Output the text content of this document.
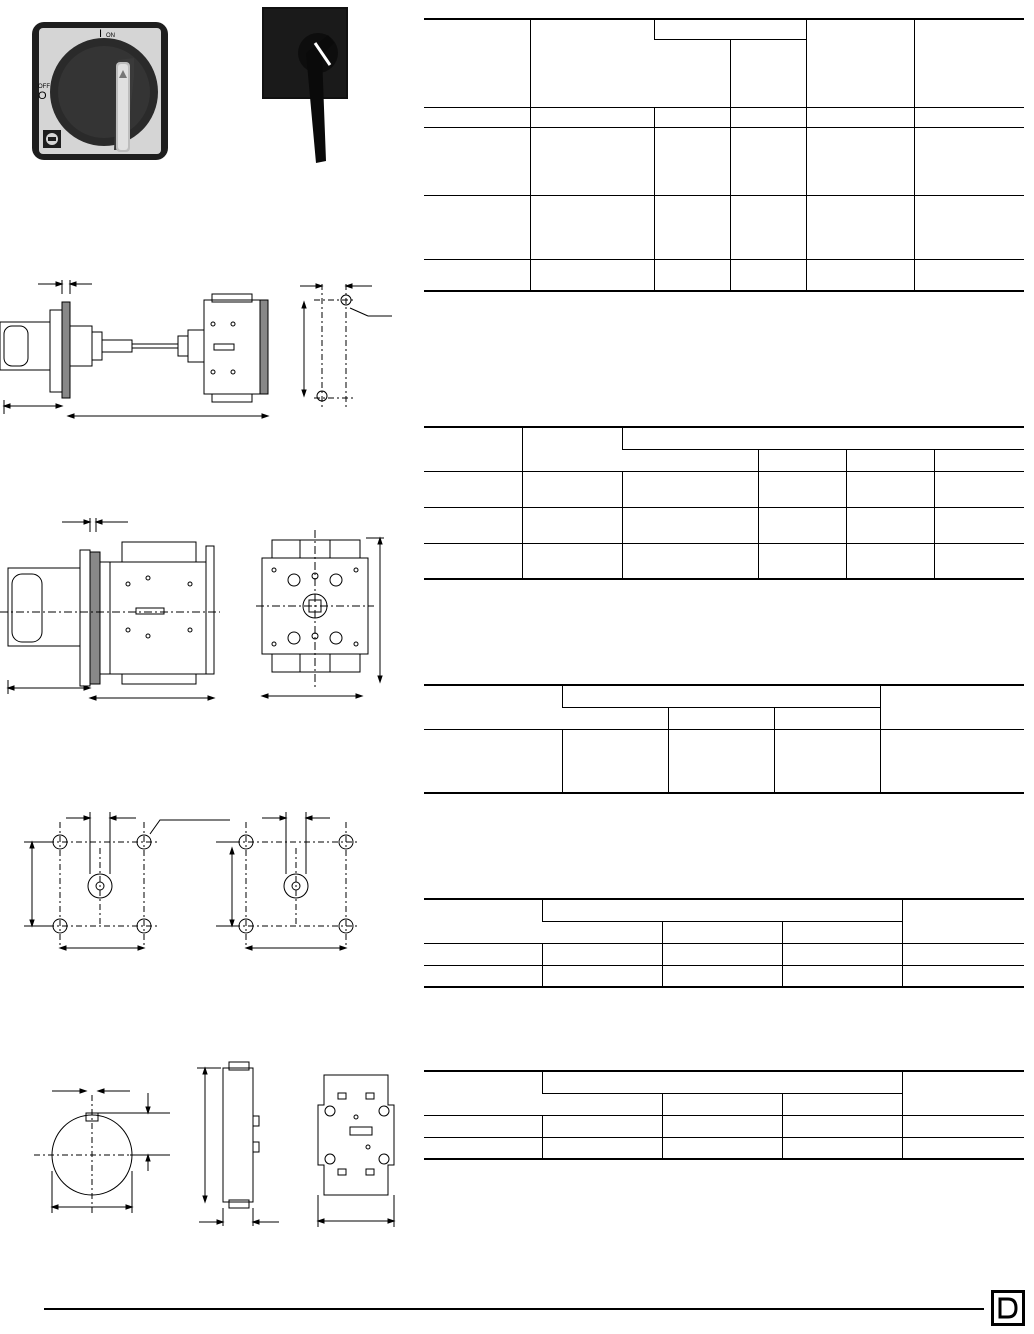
I ON
O
OFF
